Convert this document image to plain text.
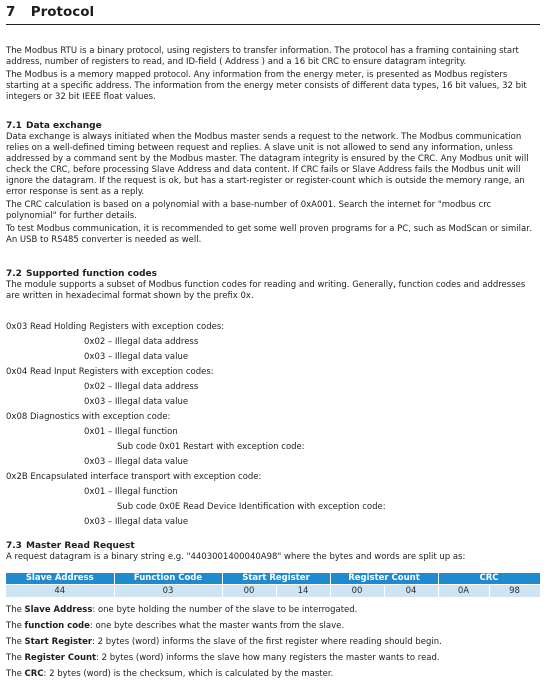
7 Protocol

The Modbus RTU is a binary protocol, using registers to transfer information. The protocol has a framing containing start address, number of registers to read, and ID-field ( Address ) and a 16 bit CRC to ensure datagram integrity.

The Modbus is a memory mapped protocol. Any information from the energy meter, is presented as Modbus registers starting at a specific address. The information from the energy meter consists of different data types, 16 bit values, 32 bit integers or 32 bit IEEE float values.

7.1 Data exchange

Data exchange is always initiated when the Modbus master sends a request to the network. The Modbus communication relies on a well-defined timing between request and replies. A slave unit is not allowed to send any information, unless addressed by a command sent by the Modbus master. The datagram integrity is ensured by the CRC. Any Modbus unit will check the CRC, before processing Slave Address and data content. If CRC fails or Slave Address fails the Modbus unit will ignore the datagram. If the request is ok, but has a start-register or register-count which is outside the memory range, an error response is sent as a reply.

The CRC calculation is based on a polynomial with a base-number of 0xA001. Search the internet for "modbus crc polynomial" for further details.

To test Modbus communication, it is recommended to get some well proven programs for a PC, such as ModScan or similar. An USB to RS485 converter is needed as well.

7.2 Supported function codes

The module supports a subset of Modbus function codes for reading and writing. Generally, function codes and addresses are written in hexadecimal format shown by the prefix 0x.

0x03 Read Holding Registers with exception codes:
0x02 – Illegal data address
0x03 – Illegal data value
0x04 Read Input Registers with exception codes:
0x02 – Illegal data address
0x03 – Illegal data value
0x08 Diagnostics with exception code:
0x01 – Illegal function
Sub code 0x01 Restart with exception code:
0x03 – Illegal data value
0x2B Encapsulated interface transport with exception code:
0x01 – Illegal function
Sub code 0x0E Read Device Identification with exception code:
0x03 – Illegal data value
7.3 Master Read Request

A request datagram is a binary string e.g. "4403001400040A98" where the bytes and words are split up as:

Slave Address	Function Code	Start Register		Register Count		CRC	
44	03	00	14	00	04	0A	98
The Slave Address: one byte holding the number of the slave to be interrogated.
The function code: one byte describes what the master wants from the slave.
The Start Register: 2 bytes (word) informs the slave of the first register where reading should begin.
The Register Count: 2 bytes (word) informs the slave how many registers the master wants to read.
The CRC: 2 bytes (word) is the checksum, which is calculated by the master.
